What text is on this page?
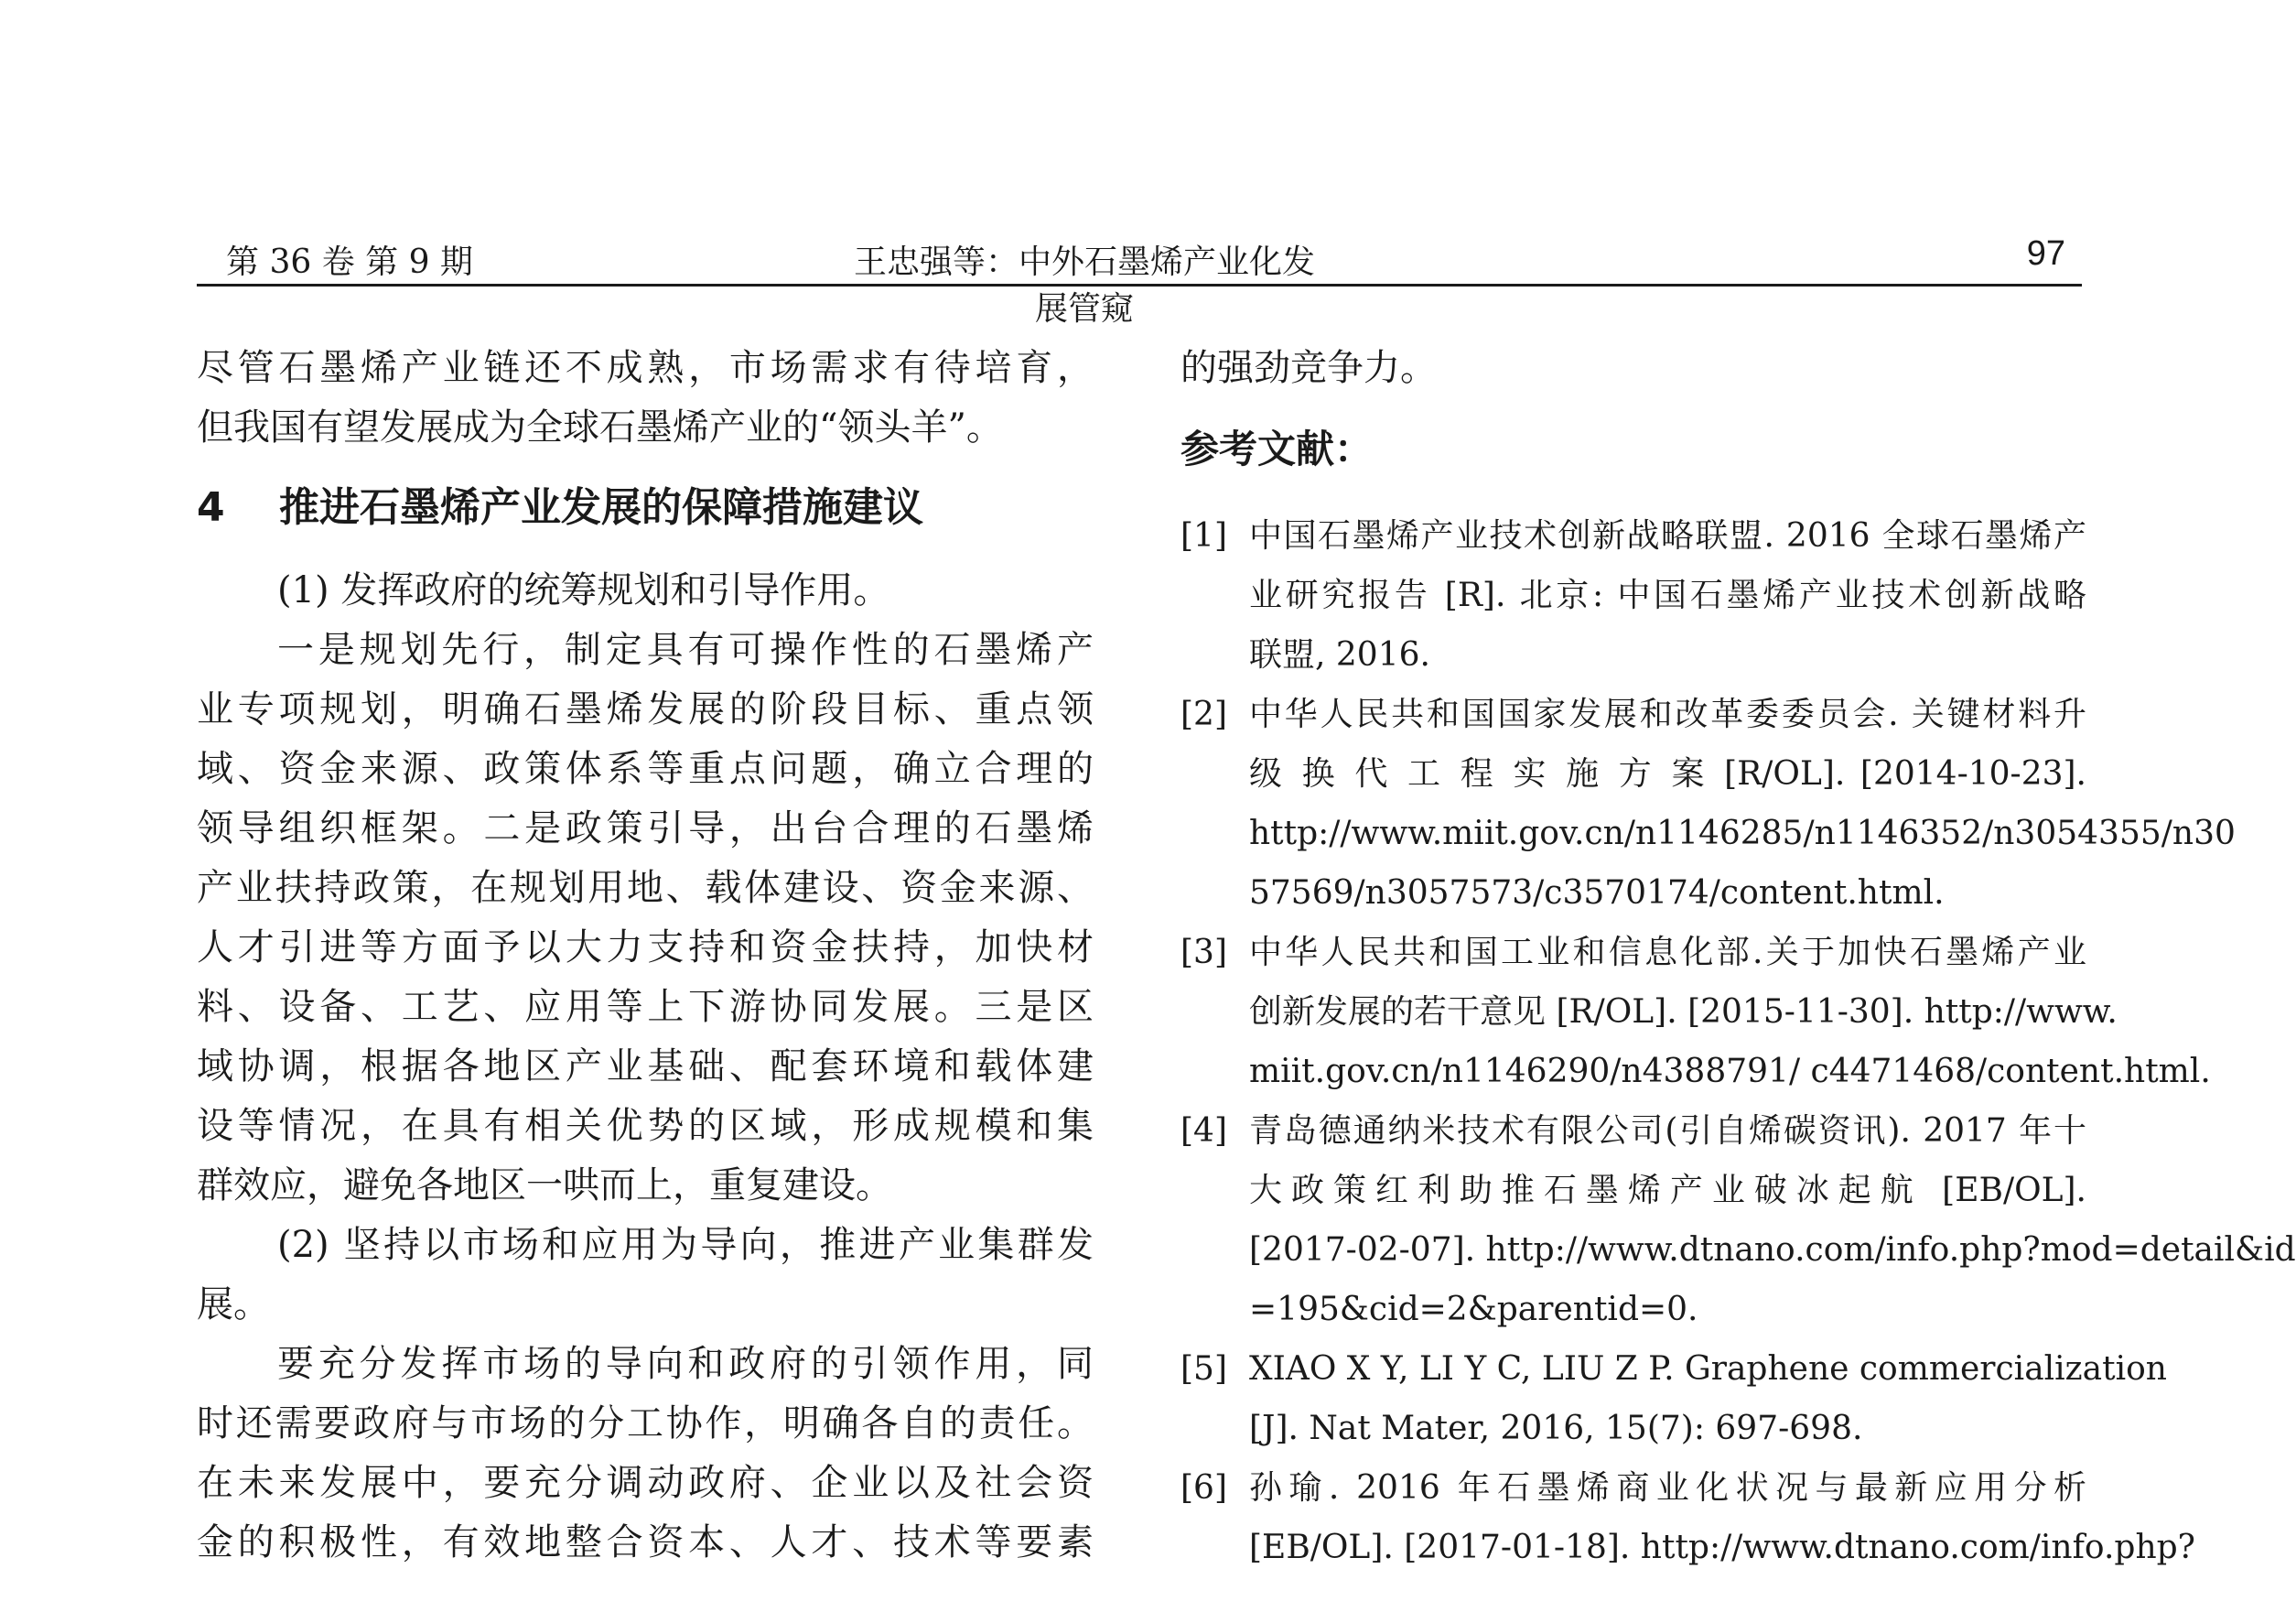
第 36 卷 第 9 期	王忠强等：中外石墨烯产业化发展管窥
97
尽管石墨烯产业链还不成熟，市场需求有待培育，
但我国有望发展成为全球石墨烯产业的“领头羊”。
4 推进石墨烯产业发展的保障措施建议
(1) 发挥政府的统筹规划和引导作用。
一是规划先行，制定具有可操作性的石墨烯产
业专项规划，明确石墨烯发展的阶段目标、重点领
域、资金来源、政策体系等重点问题，确立合理的
领导组织框架。二是政策引导，出台合理的石墨烯
产业扶持政策，在规划用地、载体建设、资金来源、
人才引进等方面予以大力支持和资金扶持，加快材
料、设备、工艺、应用等上下游协同发展。三是区
域协调，根据各地区产业基础、配套环境和载体建
设等情况，在具有相关优势的区域，形成规模和集
群效应，避免各地区一哄而上，重复建设。
(2) 坚持以市场和应用为导向，推进产业集群发
展。
要充分发挥市场的导向和政府的引领作用，同
时还需要政府与市场的分工协作，明确各自的责任。
在未来发展中，要充分调动政府、企业以及社会资
金的积极性，有效地整合资本、人才、技术等要素
的强劲竞争力。
参考文献：
[1] 中国石墨烯产业技术创新战略联盟. 2016 全球石墨烯产
业研究报告 [R]. 北京: 中国石墨烯产业技术创新战略
联盟, 2016.
[2] 中华人民共和国国家发展和改革委委员会. 关键材料升
级 换 代 工 程 实 施 方 案 [R/OL]. [2014-10-23].
http://www.miit.gov.cn/n1146285/n1146352/n3054355/n30
57569/n3057573/c3570174/content.html.
[3] 中华人民共和国工业和信息化部.关于加快石墨烯产业
创新发展的若干意见 [R/OL]. [2015-11-30]. http://www.
miit.gov.cn/n1146290/n4388791/ c4471468/content.html.
[4] 青岛德通纳米技术有限公司(引自烯碳资讯). 2017 年十
大政策红利助推石墨烯产业破冰起航 [EB/OL].
[2017-02-07]. http://www.dtnano.com/info.php?mod=detail&id
=195&cid=2&parentid=0.
[5] XIAO X Y, LI Y C, LIU Z P. Graphene commercialization
[J]. Nat Mater, 2016, 15(7): 697-698.
[6] 孙瑜. 2016 年石墨烯商业化状况与最新应用分析
[EB/OL]. [2017-01-18]. http://www.dtnano.com/info.php?
